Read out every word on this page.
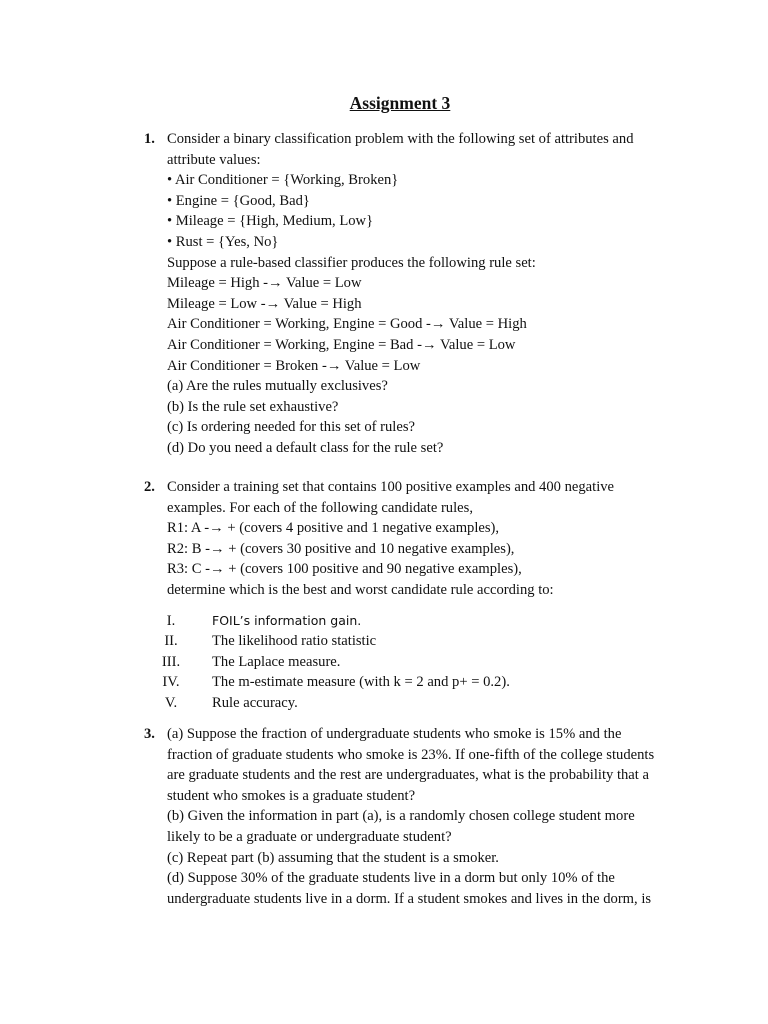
Assignment 3
1. Consider a binary classification problem with the following set of attributes and
attribute values:
• Air Conditioner = {Working, Broken}
• Engine = {Good, Bad}
• Mileage = {High, Medium, Low}
• Rust = {Yes, No}
Suppose a rule-based classifier produces the following rule set:
Mileage = High -→ Value = Low
Mileage = Low -→ Value = High
Air Conditioner = Working, Engine = Good -→ Value = High
Air Conditioner = Working, Engine = Bad -→ Value = Low
Air Conditioner = Broken -→ Value = Low
(a) Are the rules mutually exclusives?
(b) Is the rule set exhaustive?
(c) Is ordering needed for this set of rules?
(d) Do you need a default class for the rule set?
2. Consider a training set that contains 100 positive examples and 400 negative
examples. For each of the following candidate rules,
R1: A -→ + (covers 4 positive and 1 negative examples),
R2: B -→ + (covers 30 positive and 10 negative examples),
R3: C -→ + (covers 100 positive and 90 negative examples),
determine which is the best and worst candidate rule according to:
I.	FOIL’s information gain.
II.	The likelihood ratio statistic
III.	The Laplace measure.
IV.	The m-estimate measure (with k = 2 and p+ = 0.2).
V.	Rule accuracy.
3. (a) Suppose the fraction of undergraduate students who smoke is 15% and the
fraction of graduate students who smoke is 23%. If one-fifth of the college students
are graduate students and the rest are undergraduates, what is the probability that a
student who smokes is a graduate student?
(b) Given the information in part (a), is a randomly chosen college student more
likely to be a graduate or undergraduate student?
(c) Repeat part (b) assuming that the student is a smoker.
(d) Suppose 30% of the graduate students live in a dorm but only 10% of the
undergraduate students live in a dorm. If a student smokes and lives in the dorm, is
